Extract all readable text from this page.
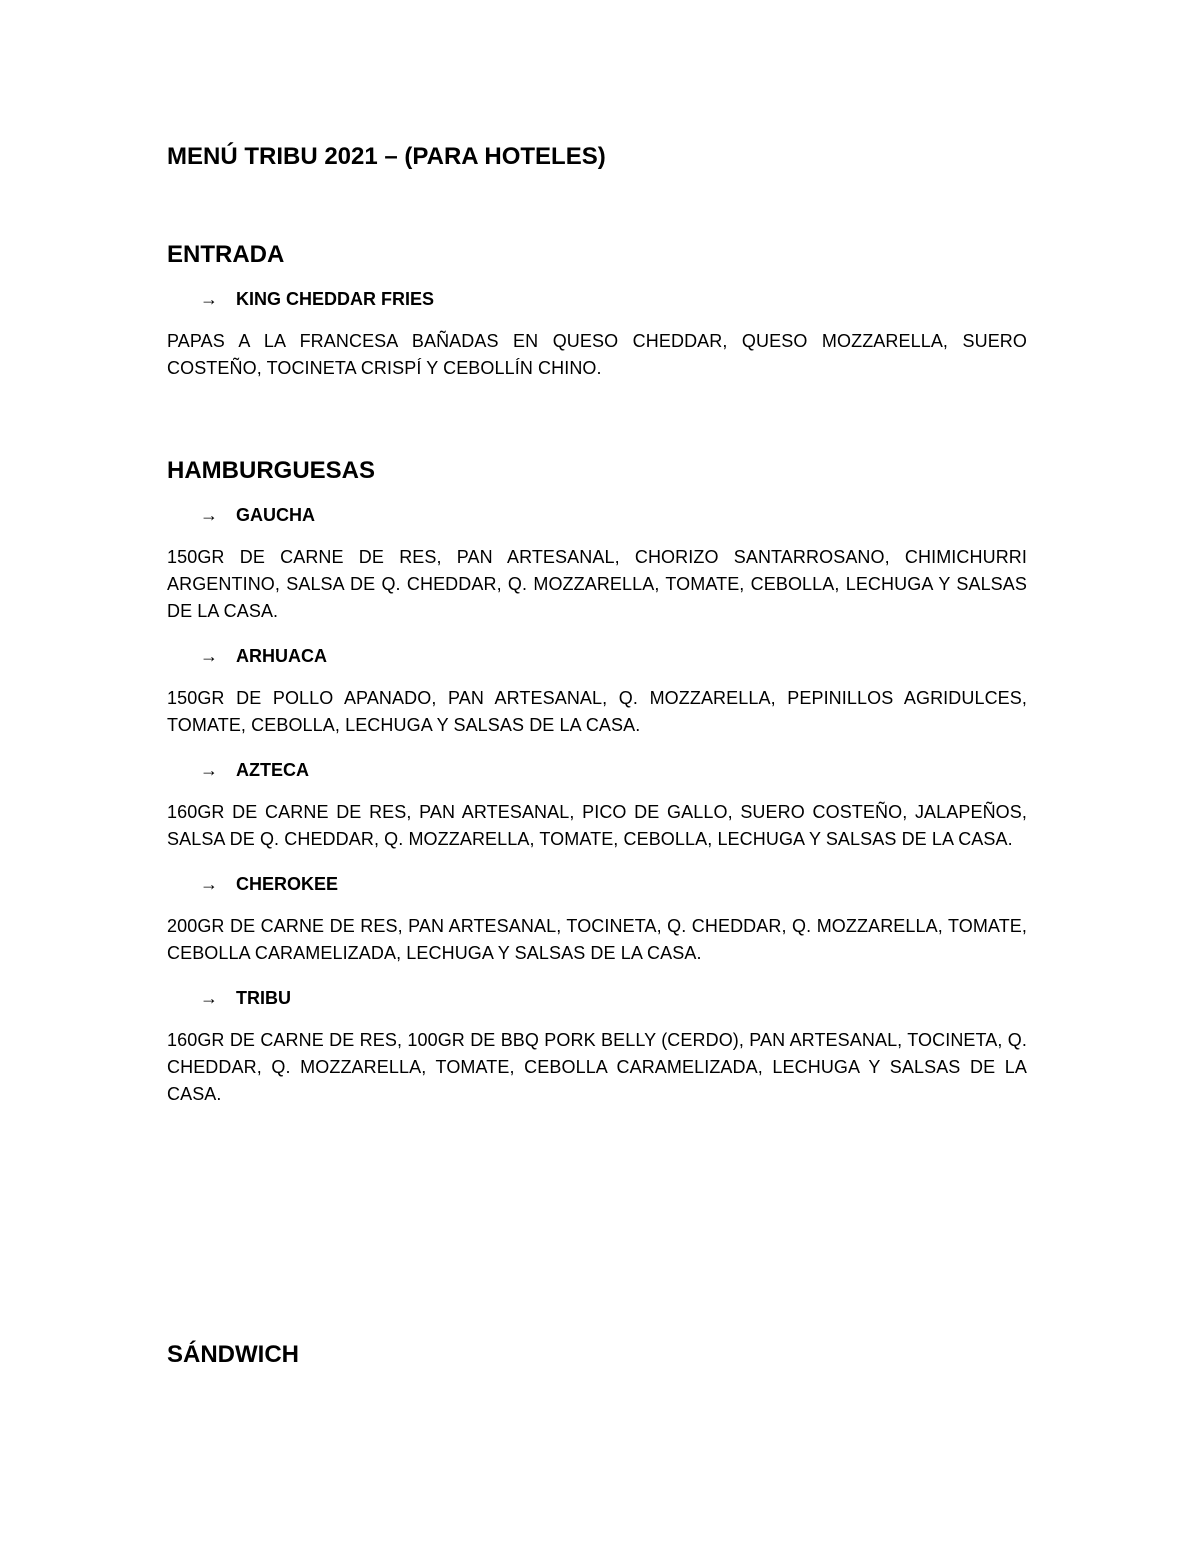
MENÚ TRIBU 2021 – (PARA HOTELES)
ENTRADA

→	KING CHEDDAR FRIES

PAPAS A LA FRANCESA BAÑADAS EN QUESO CHEDDAR, QUESO MOZZARELLA, SUERO COSTEÑO, TOCINETA CRISPÍ Y CEBOLLÍN CHINO.

HAMBURGUESAS

→	GAUCHA

150GR DE CARNE DE RES, PAN ARTESANAL, CHORIZO SANTARROSANO, CHIMICHURRI ARGENTINO, SALSA DE Q. CHEDDAR, Q. MOZZARELLA, TOMATE, CEBOLLA, LECHUGA Y SALSAS DE LA CASA.

→	ARHUACA

150GR DE POLLO APANADO, PAN ARTESANAL, Q. MOZZARELLA, PEPINILLOS AGRIDULCES, TOMATE, CEBOLLA, LECHUGA Y SALSAS DE LA CASA.

→	AZTECA

160GR DE CARNE DE RES, PAN ARTESANAL, PICO DE GALLO, SUERO COSTEÑO, JALAPEÑOS, SALSA DE Q. CHEDDAR, Q. MOZZARELLA, TOMATE, CEBOLLA, LECHUGA Y SALSAS DE LA CASA.

→	CHEROKEE

200GR DE CARNE DE RES, PAN ARTESANAL, TOCINETA, Q. CHEDDAR, Q. MOZZARELLA, TOMATE, CEBOLLA CARAMELIZADA, LECHUGA Y SALSAS DE LA CASA.

→	TRIBU

160GR DE CARNE DE RES, 100GR DE BBQ PORK BELLY (CERDO), PAN ARTESANAL, TOCINETA, Q. CHEDDAR, Q. MOZZARELLA, TOMATE, CEBOLLA CARAMELIZADA, LECHUGA Y SALSAS DE LA CASA.

SÁNDWICH
